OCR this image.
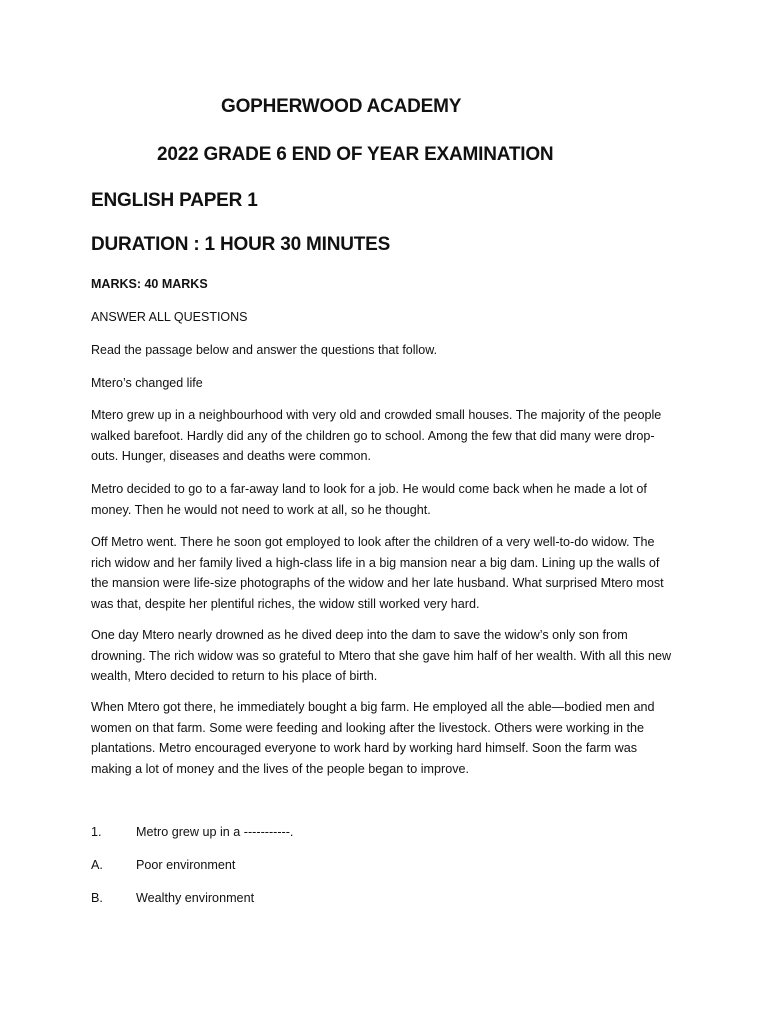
GOPHERWOOD ACADEMY
2022 GRADE 6 END OF YEAR EXAMINATION
ENGLISH PAPER 1
DURATION : 1 HOUR 30 MINUTES

MARKS: 40 MARKS

ANSWER ALL QUESTIONS

Read the passage below and answer the questions that follow.

Mtero’s changed life

Mtero grew up in a neighbourhood with very old and crowded small houses. The majority of the people walked barefoot. Hardly did any of the children go to school. Among the few that did many were drop-outs. Hunger, diseases and deaths were common.

Metro decided to go to a far-away land to look for a job. He would come back when he made a lot of money. Then he would not need to work at all, so he thought.

Off Metro went. There he soon got employed to look after the children of a very well-to-do widow. The rich widow and her family lived a high-class life in a big mansion near a big dam. Lining up the walls of the mansion were life-size photographs of the widow and her late husband. What surprised Mtero most was that, despite her plentiful riches, the widow still worked very hard.

One day Mtero nearly drowned as he dived deep into the dam to save the widow’s only son from drowning. The rich widow was so grateful to Mtero that she gave him half of her wealth. With all this new wealth, Mtero decided to return to his place of birth.

When Mtero got there, he immediately bought a big farm. He employed all the able—bodied men and women on that farm. Some were feeding and looking after the livestock. Others were working in the plantations. Metro encouraged everyone to work hard by working hard himself. Soon the farm was making a lot of money and the lives of the people began to improve.

1.	Metro grew up in a -----------.
A.	Poor environment
B.	Wealthy environment
